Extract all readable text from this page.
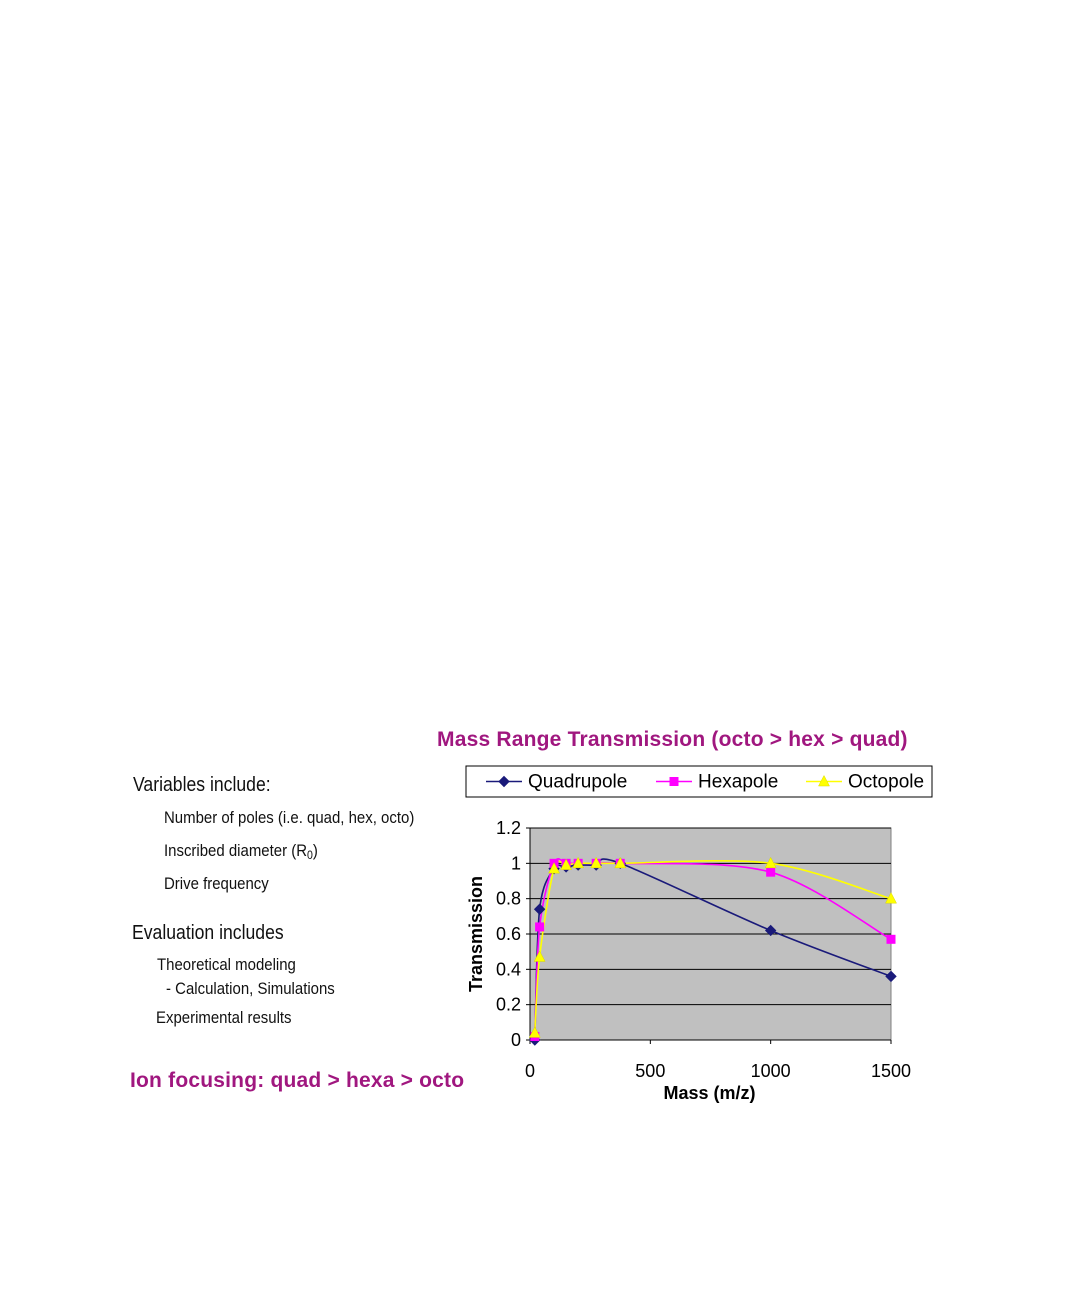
Mass Range Transmission (octo > hex > quad)
Variables include:
Number of poles (i.e. quad, hex, octo)
Inscribed diameter $(R_0)$
Drive frequency
Evaluation includes
Theoretical modeling
- Calculation, Simulations
Experimental results
Ion focusing: quad > hexa > octo
0
0.2
0.4
0.6
0.8
1
1.2
0	500	1000	1500
Mass (m/z)
Transmission
Quadrupole	Hexapole	Octopole
